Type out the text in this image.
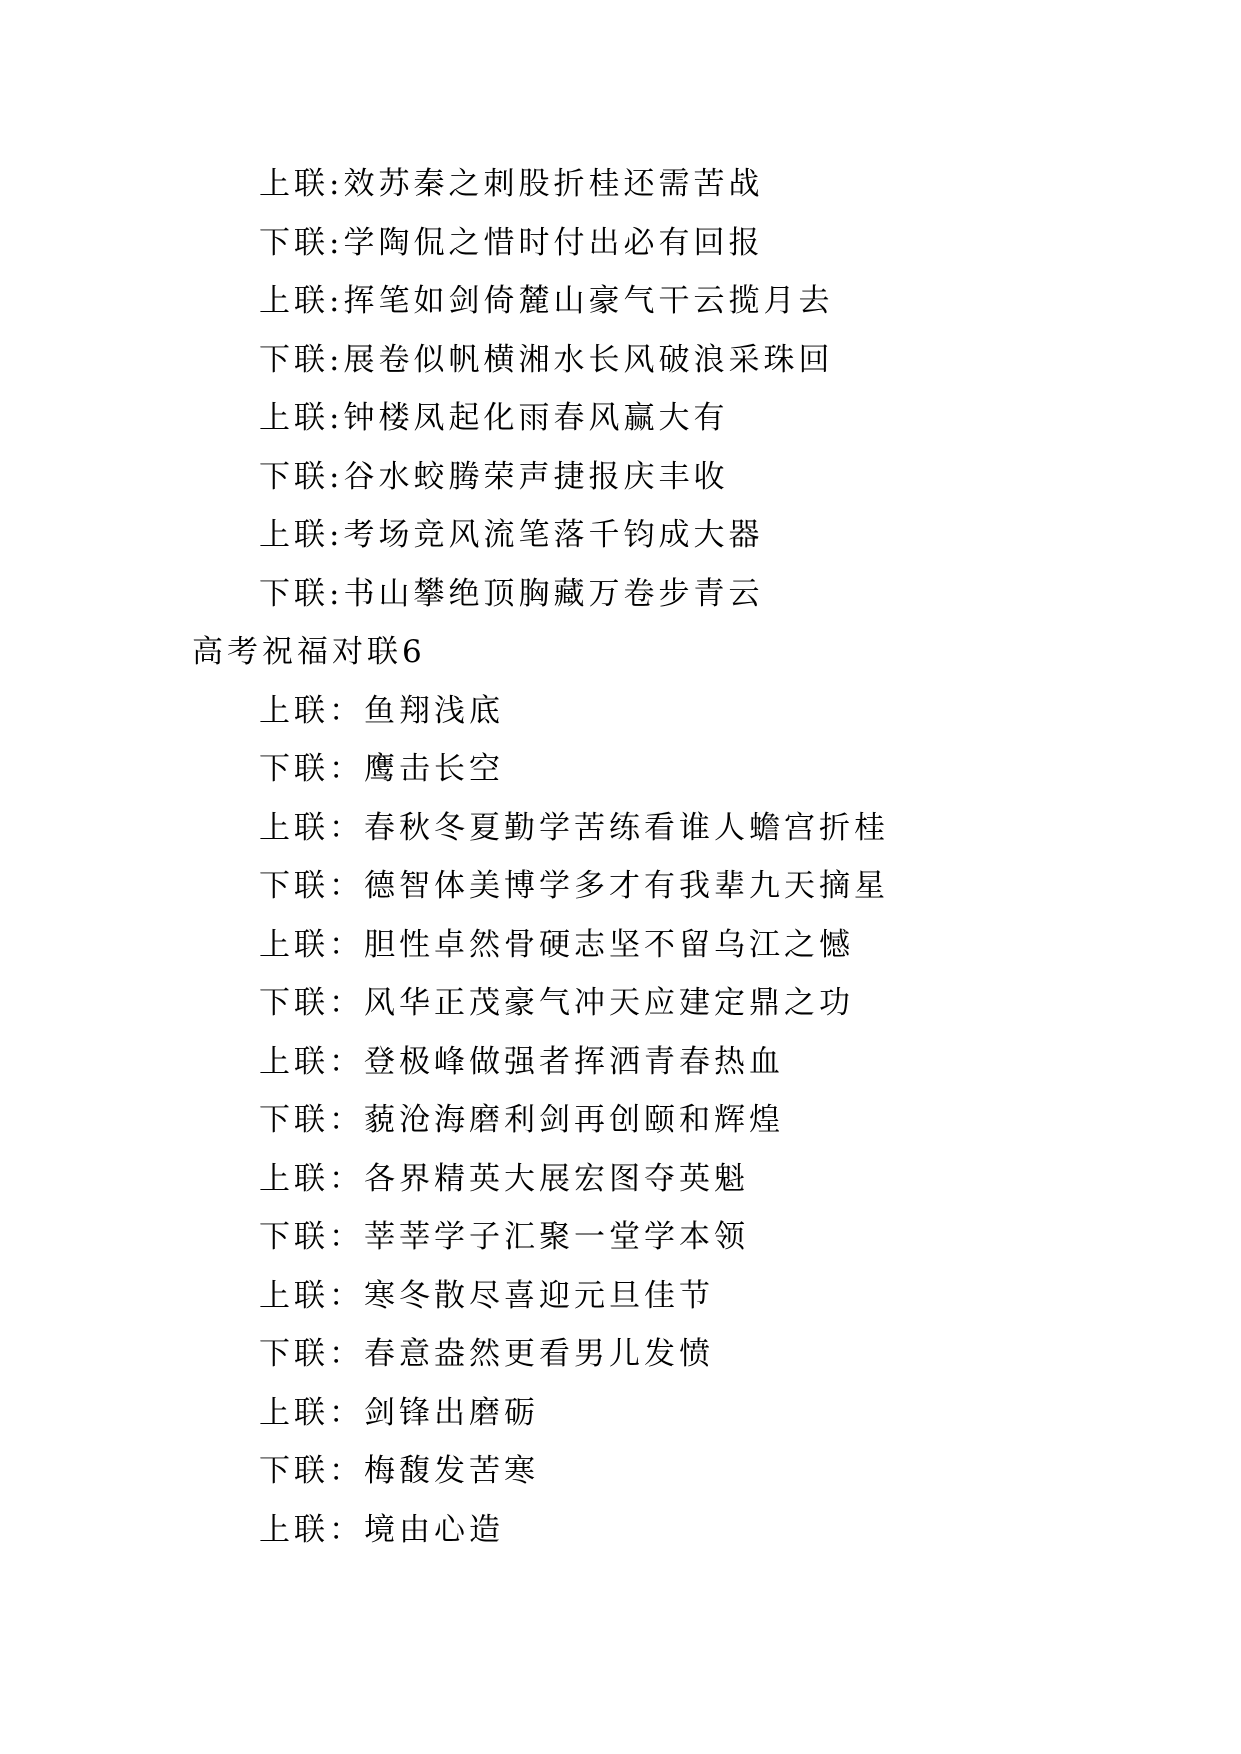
上联:效苏秦之刺股折桂还需苦战
下联:学陶侃之惜时付出必有回报
上联:挥笔如剑倚麓山豪气干云揽月去
下联:展卷似帆横湘水长风破浪采珠回
上联:钟楼凤起化雨春风赢大有
下联:谷水蛟腾荣声捷报庆丰收
上联:考场竞风流笔落千钧成大器
下联:书山攀绝顶胸藏万卷步青云
高考祝福对联6
上联：鱼翔浅底
下联：鹰击长空
上联：春秋冬夏勤学苦练看谁人蟾宫折桂
下联：德智体美博学多才有我辈九天摘星
上联：胆性卓然骨硬志坚不留乌江之憾
下联：风华正茂豪气冲天应建定鼎之功
上联：登极峰做强者挥洒青春热血
下联：藐沧海磨利剑再创颐和辉煌
上联：各界精英大展宏图夺英魁
下联：莘莘学子汇聚一堂学本领
上联：寒冬散尽喜迎元旦佳节
下联：春意盎然更看男儿发愤
上联：剑锋出磨砺
下联：梅馥发苦寒
上联：境由心造
